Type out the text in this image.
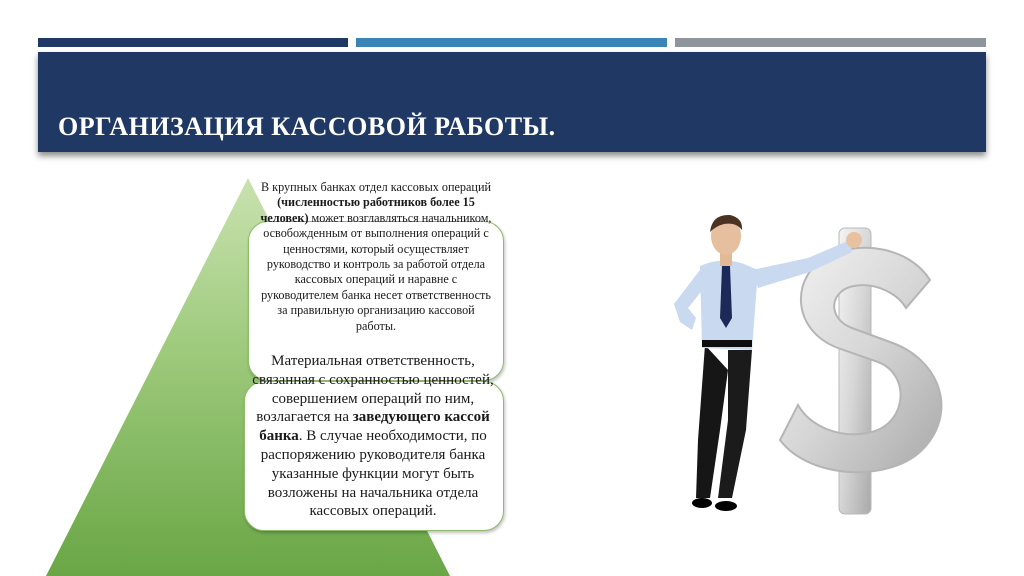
ОРГАНИЗАЦИЯ КАССОВОЙ РАБОТЫ.
В крупных банках отдел кассовых операций (численностью работников более 15 человек) может возглавляться начальником, освобожденным от выполнения операций с ценностями, который осуществляет руководство и контроль за работой отдела кассовых операций и наравне с руководителем банка несет ответственность за правильную организацию кассовой работы.
Материальная ответственность, связанная с сохранностью ценностей, совершением операций по ним, возлагается на заведующего кассой банка. В случае необходимости, по распоряжению руководителя банка указанные функции могут быть возложены на начальника отдела кассовых операций.
